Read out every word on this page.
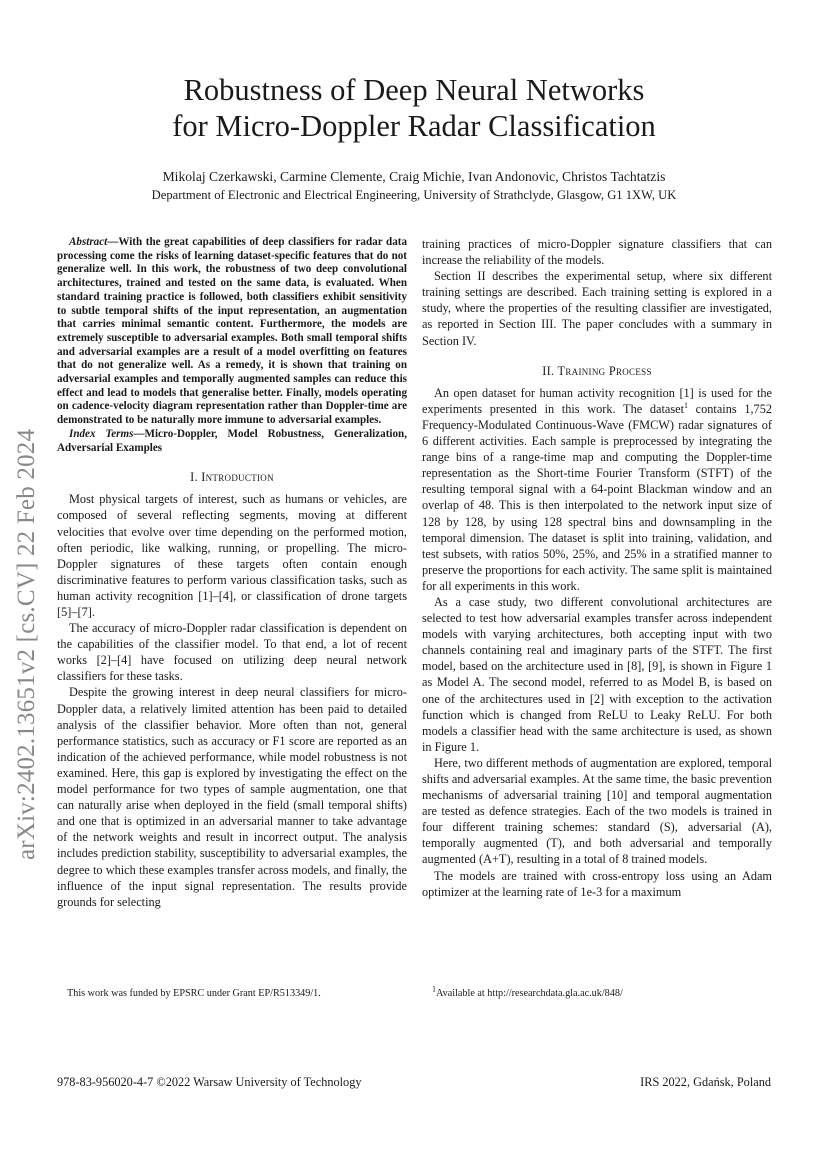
Robustness of Deep Neural Networks
for Micro-Doppler Radar Classification
Mikolaj Czerkawski, Carmine Clemente, Craig Michie, Ivan Andonovic, Christos Tachtatzis
Department of Electronic and Electrical Engineering, University of Strathclyde, Glasgow, G1 1XW, UK
arXiv:2402.13651v2 [cs.CV] 22 Feb 2024

Abstract—With the great capabilities of deep classifiers for radar data processing come the risks of learning dataset-specific features that do not generalize well. In this work, the robustness of two deep convolutional architectures, trained and tested on the same data, is evaluated. When standard training practice is followed, both classifiers exhibit sensitivity to subtle temporal shifts of the input representation, an augmentation that carries minimal semantic content. Furthermore, the models are extremely susceptible to adversarial examples. Both small temporal shifts and adversarial examples are a result of a model overfitting on features that do not generalize well. As a remedy, it is shown that training on adversarial examples and temporally augmented samples can reduce this effect and lead to models that generalise better. Finally, models operating on cadence-velocity diagram representation rather than Doppler-time are demonstrated to be naturally more immune to adversarial examples.

Index Terms—Micro-Doppler, Model Robustness, Generalization, Adversarial Examples

I. Introduction

Most physical targets of interest, such as humans or vehicles, are composed of several reflecting segments, moving at different velocities that evolve over time depending on the performed motion, often periodic, like walking, running, or propelling. The micro-Doppler signatures of these targets often contain enough discriminative features to perform various classification tasks, such as human activity recognition [1]–[4], or classification of drone targets [5]–[7].

The accuracy of micro-Doppler radar classification is dependent on the capabilities of the classifier model. To that end, a lot of recent works [2]–[4] have focused on utilizing deep neural network classifiers for these tasks.

Despite the growing interest in deep neural classifiers for micro-Doppler data, a relatively limited attention has been paid to detailed analysis of the classifier behavior. More often than not, general performance statistics, such as accuracy or F1 score are reported as an indication of the achieved performance, while model robustness is not examined. Here, this gap is explored by investigating the effect on the model performance for two types of sample augmentation, one that can naturally arise when deployed in the field (small temporal shifts) and one that is optimized in an adversarial manner to take advantage of the network weights and result in incorrect output. The analysis includes prediction stability, susceptibility to adversarial examples, the degree to which these examples transfer across models, and finally, the influence of the input signal representation. The results provide grounds for selecting

training practices of micro-Doppler signature classifiers that can increase the reliability of the models.

Section II describes the experimental setup, where six different training settings are described. Each training setting is explored in a study, where the properties of the resulting classifier are investigated, as reported in Section III. The paper concludes with a summary in Section IV.

II. Training Process

An open dataset for human activity recognition [1] is used for the experiments presented in this work. The dataset$^1$ contains 1,752 Frequency-Modulated Continuous-Wave (FMCW) radar signatures of 6 different activities. Each sample is preprocessed by integrating the range bins of a range-time map and computing the Doppler-time representation as the Short-time Fourier Transform (STFT) of the resulting temporal signal with a 64-point Blackman window and an overlap of 48. This is then interpolated to the network input size of 128 by 128, by using 128 spectral bins and downsampling in the temporal dimension. The dataset is split into training, validation, and test subsets, with ratios 50%, 25%, and 25% in a stratified manner to preserve the proportions for each activity. The same split is maintained for all experiments in this work.

As a case study, two different convolutional architectures are selected to test how adversarial examples transfer across independent models with varying architectures, both accepting input with two channels containing real and imaginary parts of the STFT. The first model, based on the architecture used in [8], [9], is shown in Figure 1 as Model A. The second model, referred to as Model B, is based on one of the architectures used in [2] with exception to the activation function which is changed from ReLU to Leaky ReLU. For both models a classifier head with the same architecture is used, as shown in Figure 1.

Here, two different methods of augmentation are explored, temporal shifts and adversarial examples. At the same time, the basic prevention mechanisms of adversarial training [10] and temporal augmentation are tested as defence strategies. Each of the two models is trained in four different training schemes: standard (S), adversarial (A), temporally augmented (T), and both adversarial and temporally augmented (A+T), resulting in a total of 8 trained models.

The models are trained with cross-entropy loss using an Adam optimizer at the learning rate of 1e-3 for a maximum

This work was funded by EPSRC under Grant EP/R513349/1.	$^1$Available at http://researchdata.gla.ac.uk/848/
978-83-956020-4-7 ©2022 Warsaw University of Technology	IRS 2022, Gdańsk, Poland
